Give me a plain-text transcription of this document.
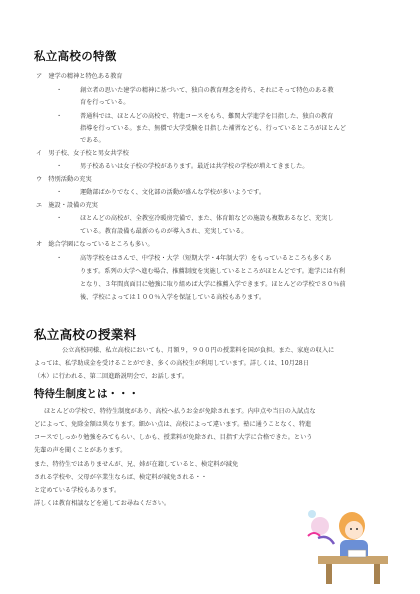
私立高校の特徴
ア　建学の精神と特色ある教育
・	創立者の思いた建学の精神に基づいて、独自の教育理念を持ち、それにそって特色のある教
育を行っている。
・	普通科では、ほとんどの高校で、特進コースをもち、難関大学進学を目指した、独自の教育
指導を行っている。また、無償で大学受験を目指した補習なども、行っているところがほとんど
である。
イ　男子校、女子校と男女共学校
・	男子校あるいは女子校の学校があります。最近は共学校の学校が増えてきました。
ウ　特別活動の充実
・	運動部ばかりでなく、文化部の活動が盛んな学校が多いようです。
エ　施設・設備の充実
・	ほとんどの高校が、全教室冷暖房完備で、また、体育館などの施設も複数あるなど、充実し
ている。教育設備も最新のものが導入され、充実している。
オ　総合学園になっているところも多い。
・	高等学校をはさんで、中学校・大学（短期大学・4年制大学）をもっているところも多くあ
ります。系列の大学へ進む場合、推薦制度を実施しているところがほとんどです。進学には有利
となり、３年間真面目に勉強に取り組めば大学に推薦入学できます。ほとんどの学校で８０％前
後、学校によっては１００％入学を保証している高校もあります。
私立高校の授業料
公立高校同様、私立高校においても、月額９，９００円の授業料を国が負担。また、家庭の収入に
よっては、私学助成金を受けることができ、多くの高校生が利用しています。詳しくは、10月28日
（木）に行われる、第二回進路説明会で、お話します。
特待生制度とは・・・
ほとんどの学校で、特待生制度があり、高校へ払うお金が免除されます。内申点や当日の入試点な
どによって、免除金額は異なります。細かい点は、高校によって違います。塾に通うことなく、特進
コースでしっかり勉強をみてもらい、しかも、授業料が免除され、目指す大学に合格できた。という
先輩の声を聞くことがあります。
また、特待生ではありませんが、兄、姉が在籍していると、検定料が減免
される学校や、父母が卒業生ならば、検定料が減免される・・
と定めている学校もあります。
詳しくは教育相談などを通してお尋ねください。
